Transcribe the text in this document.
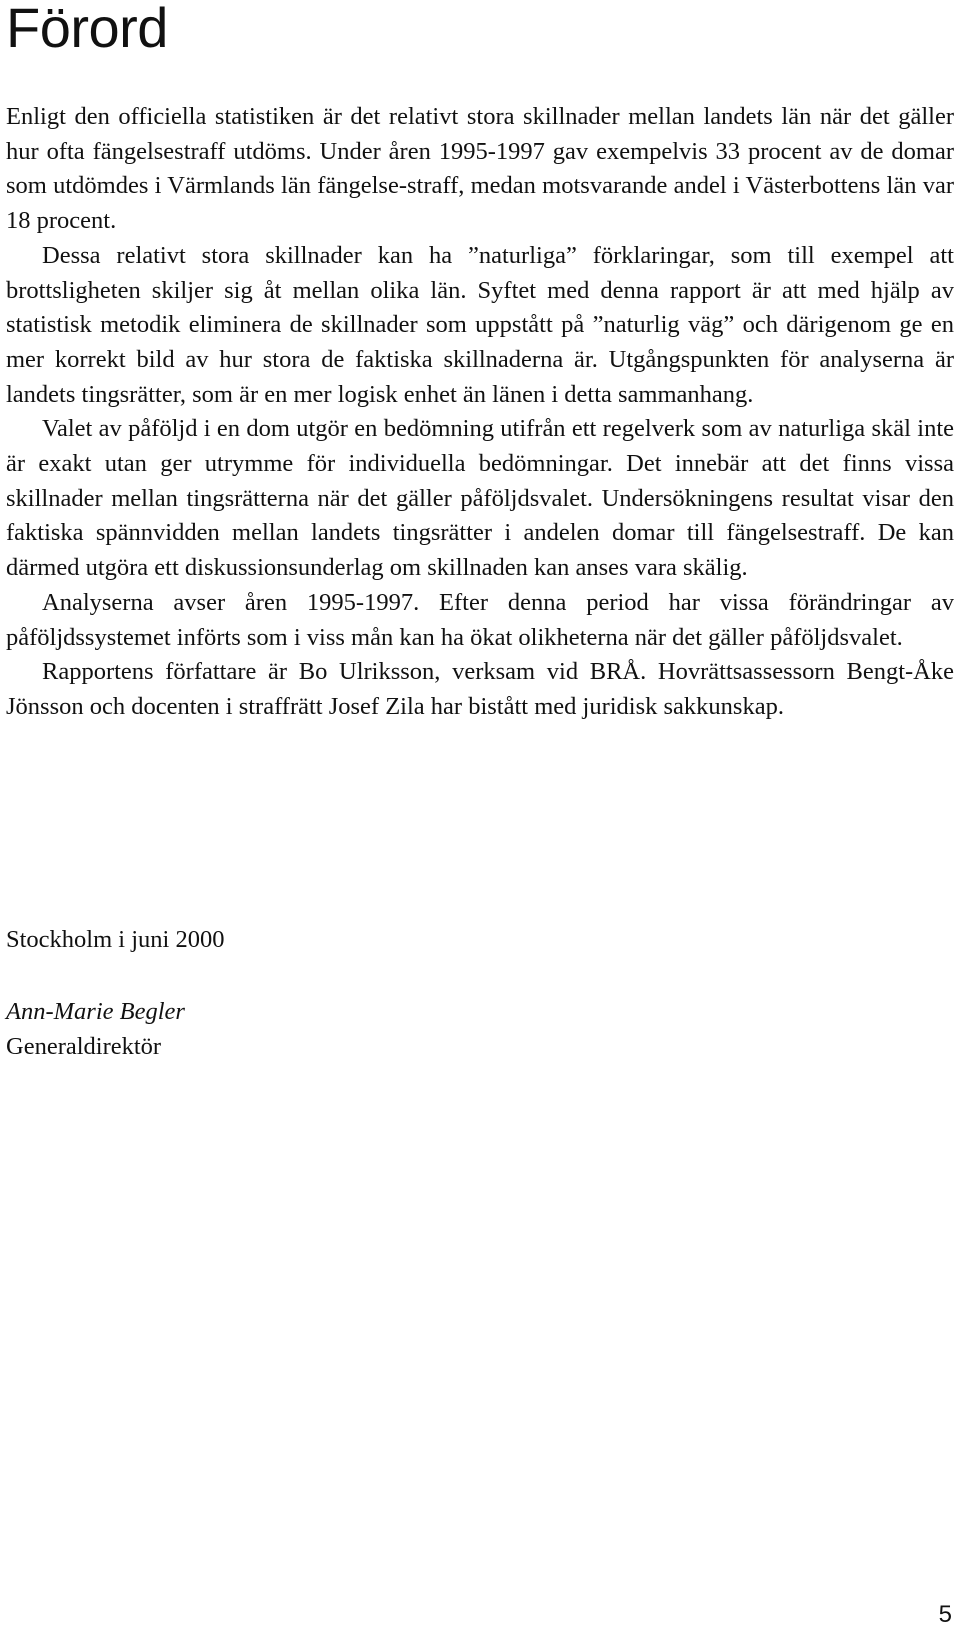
Förord

Enligt den officiella statistiken är det relativt stora skillnader mellan landets län när det gäller hur ofta fängelsestraff utdöms. Under åren 1995-1997 gav exempelvis 33 procent av de domar som utdömdes i Värmlands län fängelse-straff, medan motsvarande andel i Västerbottens län var 18 procent.

Dessa relativt stora skillnader kan ha ”naturliga” förklaringar, som till exempel att brottsligheten skiljer sig åt mellan olika län. Syftet med denna rapport är att med hjälp av statistisk metodik eliminera de skillnader som uppstått på ”naturlig väg” och därigenom ge en mer korrekt bild av hur stora de faktiska skillnaderna är. Utgångspunkten för analyserna är landets tingsrätter, som är en mer logisk enhet än länen i detta sammanhang.

Valet av påföljd i en dom utgör en bedömning utifrån ett regelverk som av naturliga skäl inte är exakt utan ger utrymme för individuella bedömningar. Det innebär att det finns vissa skillnader mellan tingsrätterna när det gäller påföljdsvalet. Undersökningens resultat visar den faktiska spännvidden mellan landets tingsrätter i andelen domar till fängelsestraff. De kan därmed utgöra ett diskussionsunderlag om skillnaden kan anses vara skälig.

Analyserna avser åren 1995-1997. Efter denna period har vissa förändringar av påföljdssystemet införts som i viss mån kan ha ökat olikheterna när det gäller påföljdsvalet.

Rapportens författare är Bo Ulriksson, verksam vid BRÅ. Hovrättsassessorn Bengt-Åke Jönsson och docenten i straffrätt Josef Zila har bistått med juridisk sakkunskap.

Stockholm i juni 2000

Ann-Marie Begler

Generaldirektör

5
